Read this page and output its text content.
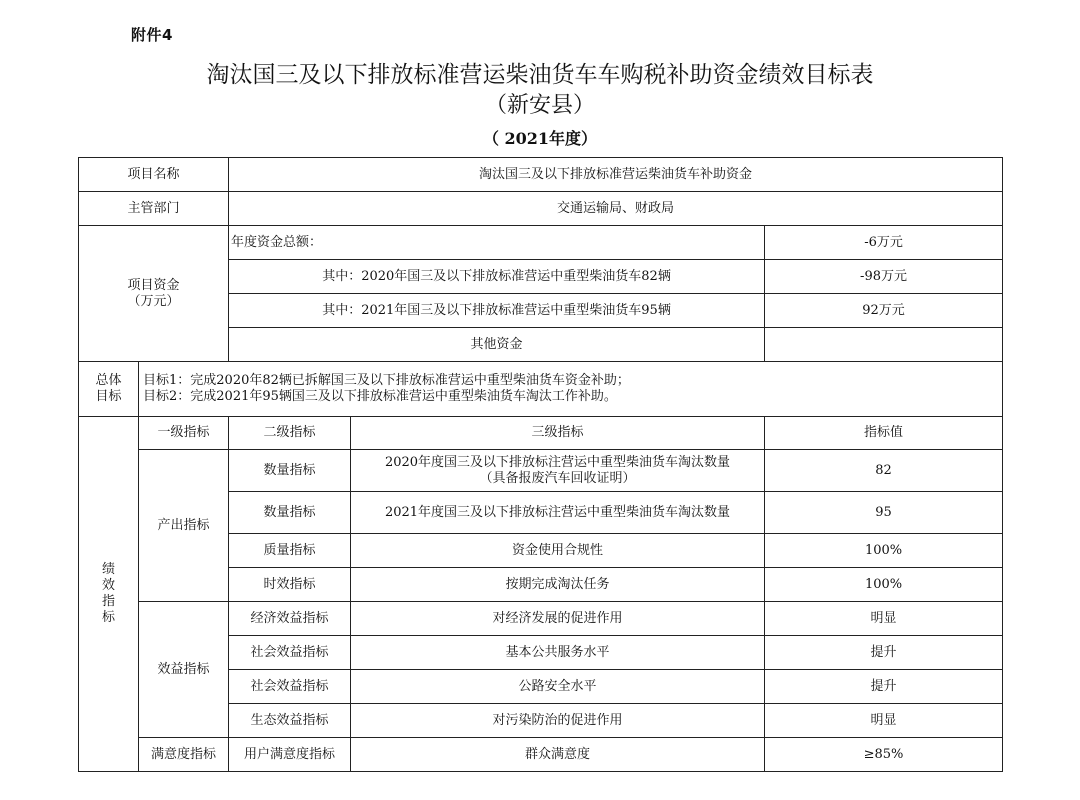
附件4
淘汰国三及以下排放标准营运柴油货车车购税补助资金绩效目标表
（新安县）
（ 2021年度）
项目名称		淘汰国三及以下排放标准营运柴油货车补助资金		
主管部门		交通运输局、财政局		
项目资金
（万元）		年度资金总额：		-6万元
		其中：2020年国三及以下排放标准营运中重型柴油货车82辆		-98万元
		其中：2021年国三及以下排放标准营运中重型柴油货车95辆		92万元
		其他资金		
总体
目标	目标1：完成2020年82辆已拆解国三及以下排放标准营运中重型柴油货车资金补助；
目标2：完成2021年95辆国三及以下排放标准营运中重型柴油货车淘汰工作补助。			

绩
效
指
标	一级指标	二级指标	三级指标	指标值
	产出指标	数量指标	2020年度国三及以下排放标注营运中重型柴油货车淘汰数量
（具备报废汽车回收证明）	82
		数量指标	2021年度国三及以下排放标注营运中重型柴油货车淘汰数量	95
		质量指标	资金使用合规性	100%
		时效指标	按期完成淘汰任务	100%
	效益指标	经济效益指标	对经济发展的促进作用	明显
		社会效益指标	基本公共服务水平	提升
		社会效益指标	公路安全水平	提升
		生态效益指标	对污染防治的促进作用	明显
	满意度指标	用户满意度指标	群众满意度	≥85%
